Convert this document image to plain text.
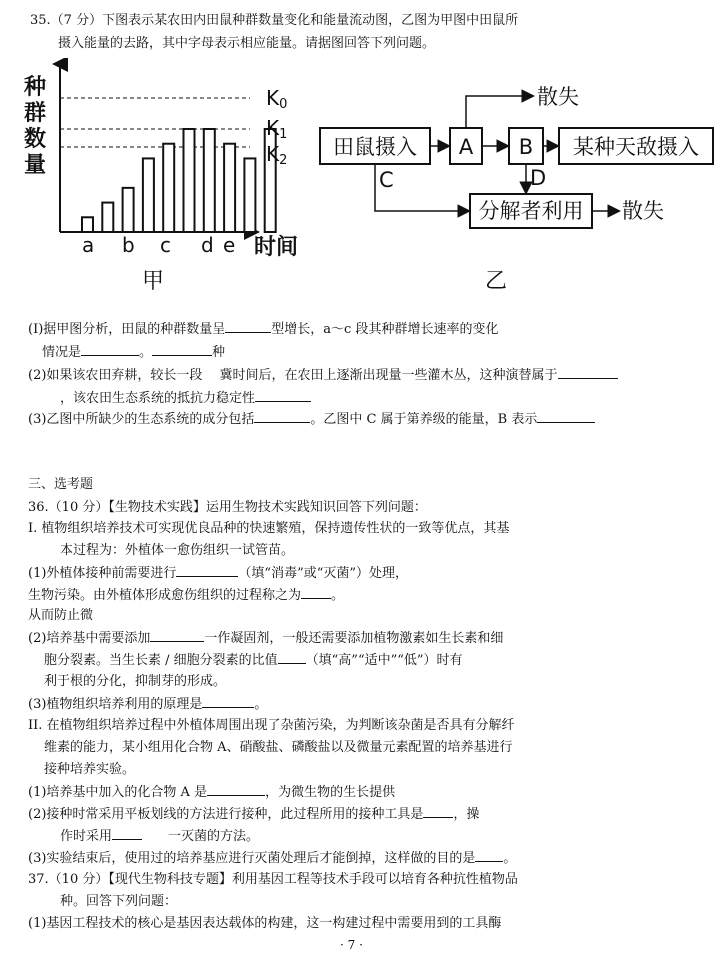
35.（7 分）下图表示某农田内田鼠种群数量变化和能量流动图，乙图为甲图中田鼠所
摄入能量的去路，其中字母表示相应能量。请据图回答下列问题。
种
群
数
量
K0
K1
K2
a b c d e 时间
甲
田鼠摄入 A B 某种天敌摄入
分解者利用
散失
C	D
散失
乙
(I)据甲图分析，田鼠的种群数量呈	型增长，a～c 段其种群增长速率的变化
情况是	。	种
(2)如果该农田弃耕，较长一段　 冀时间后，在农田上逐渐出现量一些灌木丛，这种演替属于
，该农田生态系统的抵抗力稳定性
(3)乙图中所缺少的生态系统的成分包括	。乙图中 C 属于第养级的能量，B 表示
三、选考题
36.（10 分）【生物技术实践】运用生物技术实践知识回答下列问题：
I. 植物组织培养技术可实现优良品种的快速繁殖，保持遗传性状的一致等优点，其基
本过程为：外植体一愈伤组织一试管苗。
(1)外植体接种前需要进行	（填“消毒”或“灭菌”）处理，
生物污染。由外植体形成愈伤组织的过程称之为 。
从而防止微
(2)培养基中需要添加	一作凝固剂，一般还需要添加植物激素如生长素和细
胞分裂素。当生长素 / 细胞分裂素的比值 （填“高”“适中”“低”）时有
利于根的分化，抑制芽的形成。
(3)植物组织培养利用的原理是	。
II. 在植物组织培养过程中外植体周围出现了杂菌污染，为判断该杂菌是否具有分解纤
维素的能力，某小组用化合物 A、硝酸盐、磷酸盐以及微量元素配置的培养基进行
接种培养实验。
(1)培养基中加入的化合物 A 是	，为微生物的生长提供
(2)接种时常采用平板划线的方法进行接种，此过程所用的接种工具是 ，操
作时采用	一灭菌的方法。
(3)实验结束后，使用过的培养基应进行灭菌处理后才能倒掉，这样做的目的是 。
37.（10 分）【现代生物科技专题】利用基因工程等技术手段可以培育各种抗性植物品
种。回答下列问题：
(1)基因工程技术的核心是基因表达载体的构建，这一构建过程中需要用到的工具酶
· 7 ·
